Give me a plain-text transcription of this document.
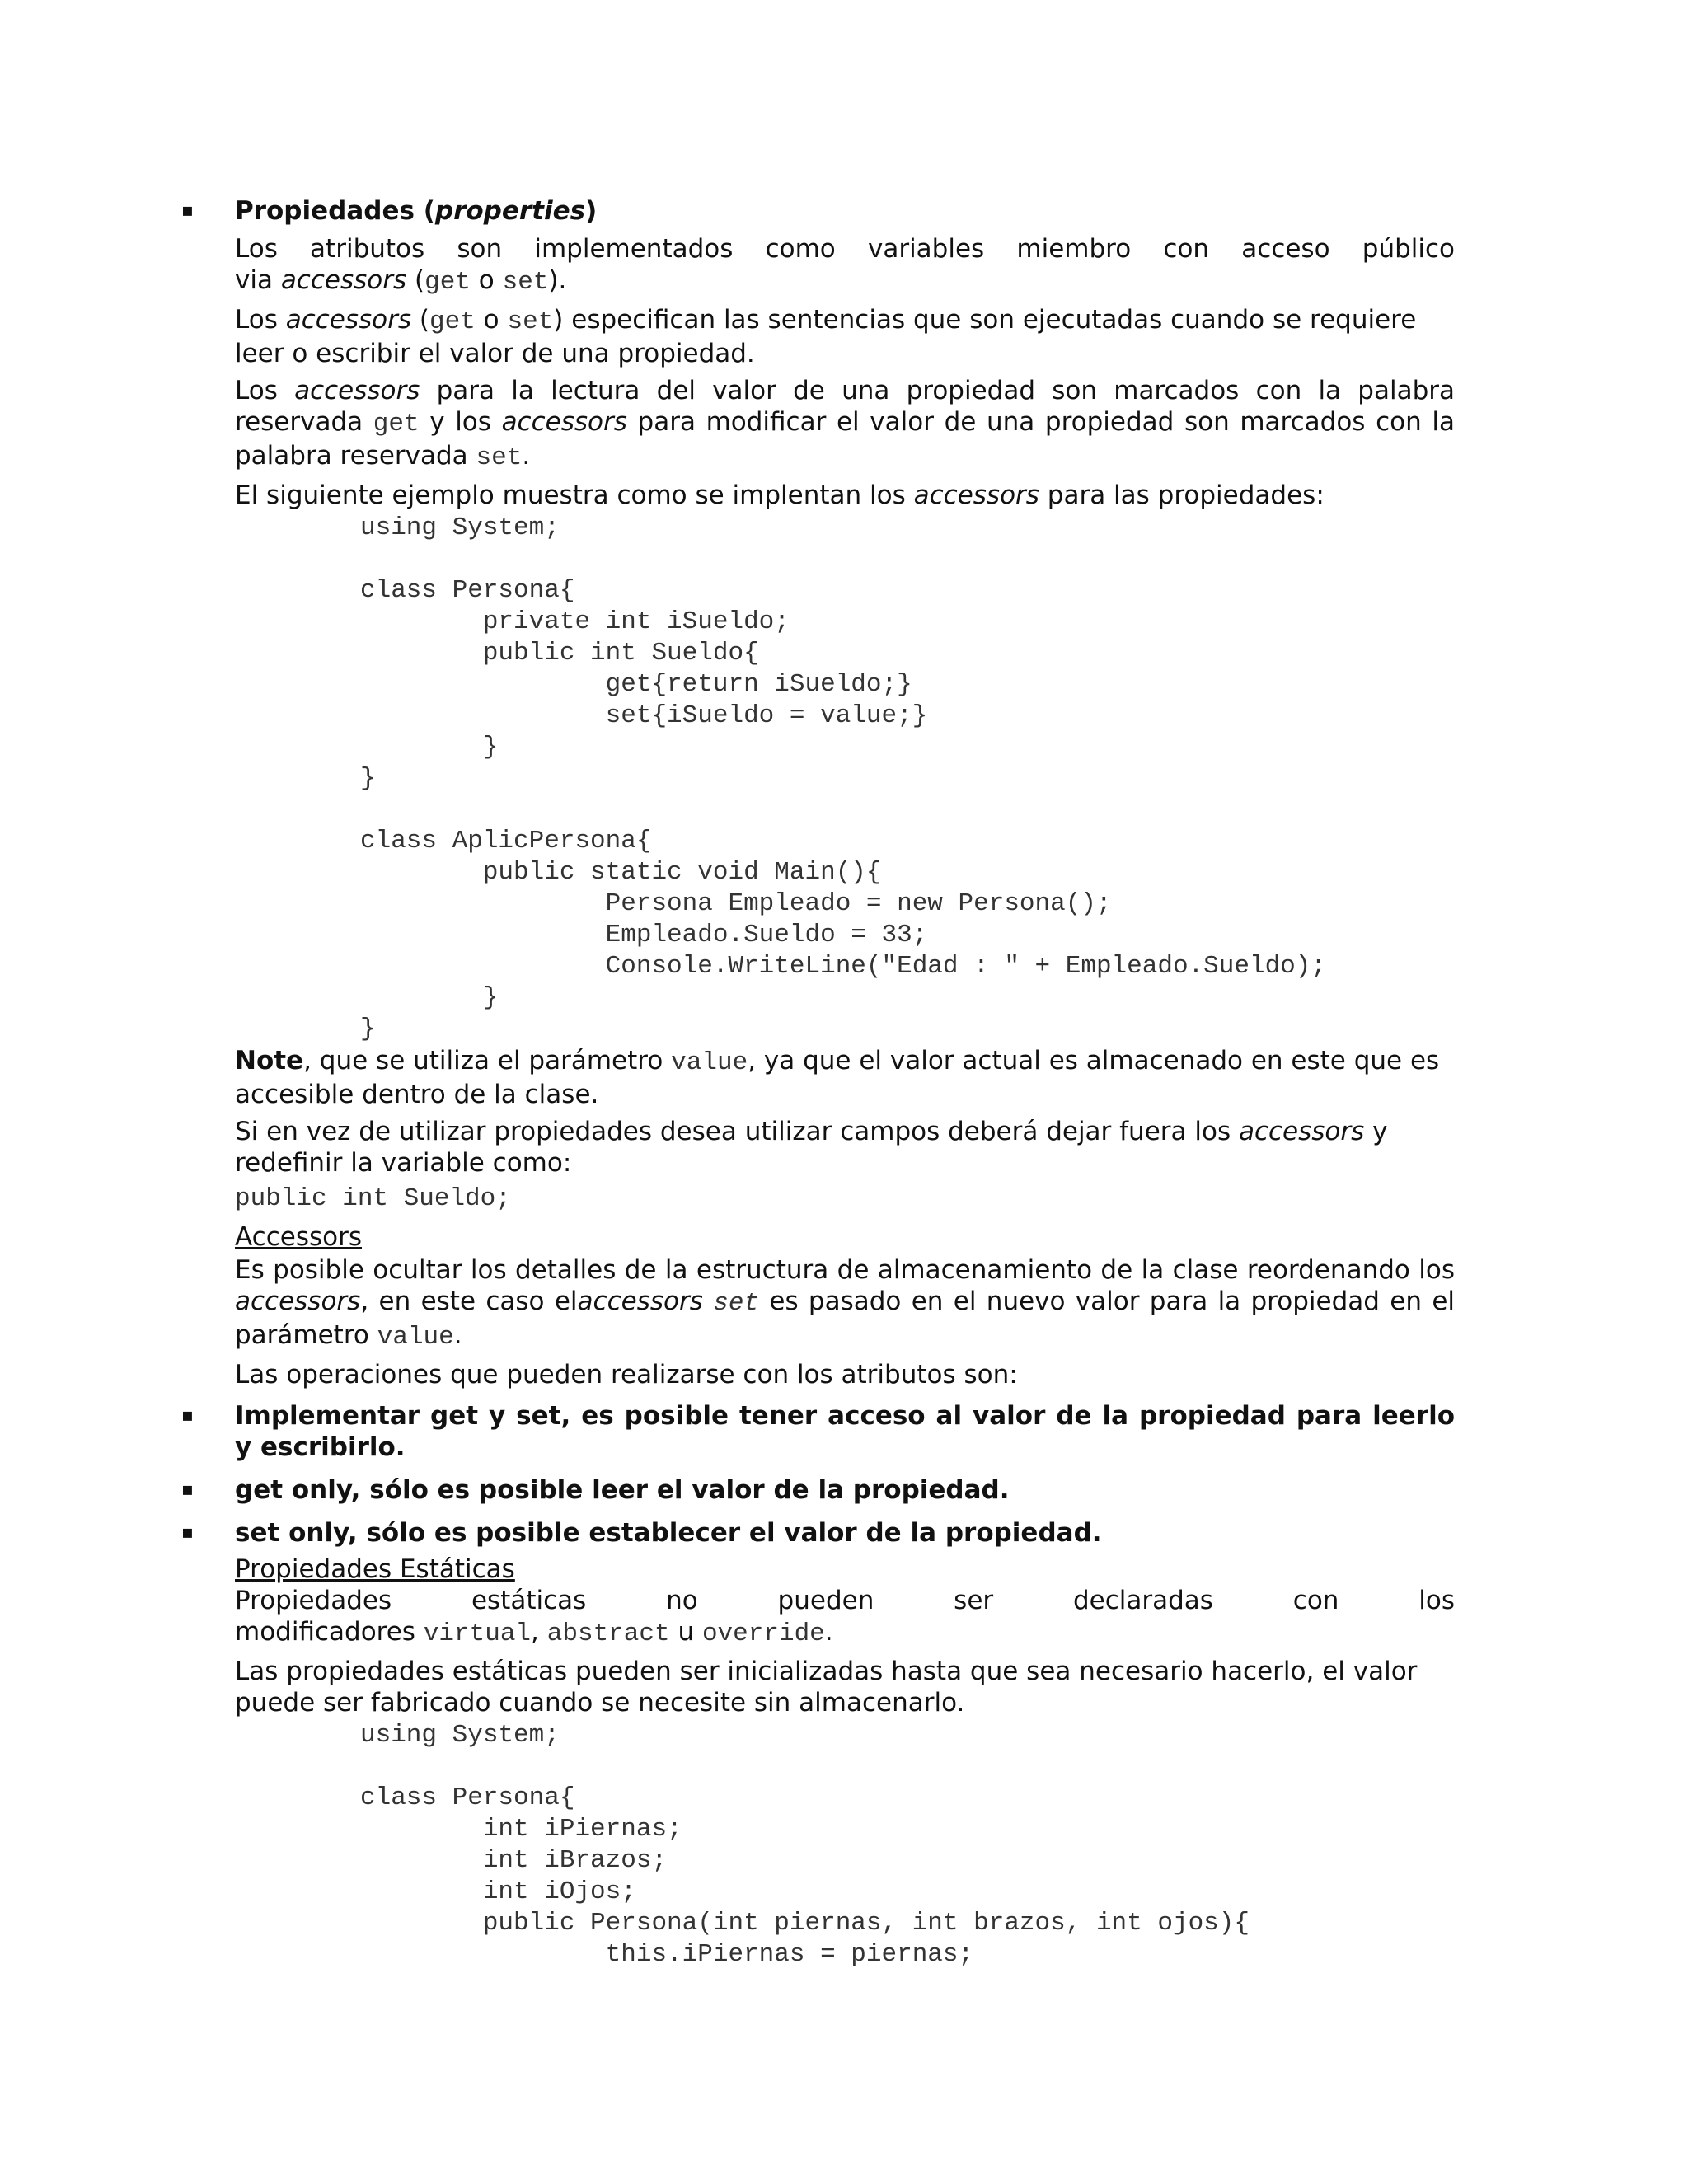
▪ Propiedades (properties)

Los atributos son implementados como variables miembro con acceso público
via accessors (get o set).

Los accessors (get o set) especifican las sentencias que son ejecutadas cuando se requiere leer o escribir el valor de una propiedad.

Los accessors para la lectura del valor de una propiedad son marcados con la palabra reservada get y los accessors para modificar el valor de una propiedad son marcados con la palabra reservada set.

El siguiente ejemplo muestra como se implentan los accessors para las propiedades:

using System;

class Persona{
private int iSueldo;
public int Sueldo{
get{return iSueldo;}
set{iSueldo = value;}
}
}

class AplicPersona{
public static void Main(){
Persona Empleado = new Persona();
Empleado.Sueldo = 33;
Console.WriteLine("Edad : " + Empleado.Sueldo);
}
}

Note, que se utiliza el parámetro value, ya que el valor actual es almacenado en este que es accesible dentro de la clase.

Si en vez de utilizar propiedades desea utilizar campos deberá dejar fuera los accessors y redefinir la variable como:

public int Sueldo;

Accessors

Es posible ocultar los detalles de la estructura de almacenamiento de la clase reordenando los accessors, en este caso elaccessors set es pasado en el nuevo valor para la propiedad en el parámetro value.

Las operaciones que pueden realizarse con los atributos son:

▪ Implementar get y set, es posible tener acceso al valor de la propiedad para leerlo y escribirlo.

▪ get only, sólo es posible leer el valor de la propiedad.

▪ set only, sólo es posible establecer el valor de la propiedad.

Propiedades Estáticas

Propiedades estáticas no pueden ser declaradas con los
modificadores virtual, abstract u override.

Las propiedades estáticas pueden ser inicializadas hasta que sea necesario hacerlo, el valor puede ser fabricado cuando se necesite sin almacenarlo.

using System;

class Persona{
int iPiernas;
int iBrazos;
int iOjos;
public Persona(int piernas, int brazos, int ojos){
this.iPiernas = piernas;
